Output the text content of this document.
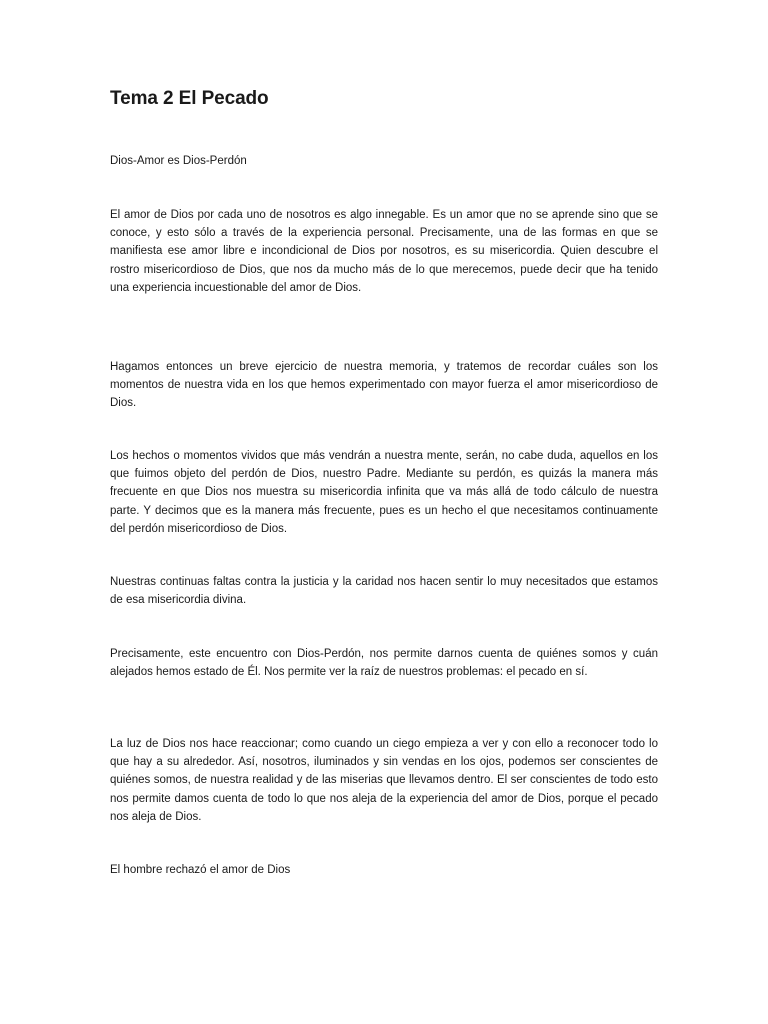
Tema 2 El Pecado

Dios-Amor es Dios-Perdón

El amor de Dios por cada uno de nosotros es algo innegable. Es un amor que no se aprende sino que se conoce, y esto sólo a través de la experiencia personal. Precisamente, una de las formas en que se manifiesta ese amor libre e incondicional de Dios por nosotros, es su misericordia. Quien descubre el rostro misericordioso de Dios, que nos da mucho más de lo que merecemos, puede decir que ha tenido una experiencia incuestionable del amor de Dios.

Hagamos entonces un breve ejercicio de nuestra memoria, y tratemos de recordar cuáles son los momentos de nuestra vida en los que hemos experimentado con mayor fuerza el amor misericordioso de Dios.

Los hechos o momentos vividos que más vendrán a nuestra mente, serán, no cabe duda, aquellos en los que fuimos objeto del perdón de Dios, nuestro Padre. Mediante su perdón, es quizás la manera más frecuente en que Dios nos muestra su misericordia infinita que va más allá de todo cálculo de nuestra parte. Y decimos que es la manera más frecuente, pues es un hecho el que necesitamos continuamente del perdón misericordioso de Dios.

Nuestras continuas faltas contra la justicia y la caridad nos hacen sentir lo muy necesitados que estamos de esa misericordia divina.

Precisamente, este encuentro con Dios-Perdón, nos permite darnos cuenta de quiénes somos y cuán alejados hemos estado de Él. Nos permite ver la raíz de nuestros problemas: el pecado en sí.

La luz de Dios nos hace reaccionar; como cuando un ciego empieza a ver y con ello a reconocer todo lo que hay a su alrededor. Así, nosotros, iluminados y sin vendas en los ojos, podemos ser conscientes de quiénes somos, de nuestra realidad y de las miserias que llevamos dentro. El ser conscientes de todo esto nos permite damos cuenta de todo lo que nos aleja de la experiencia del amor de Dios, porque el pecado nos aleja de Dios.

El hombre rechazó el amor de Dios
